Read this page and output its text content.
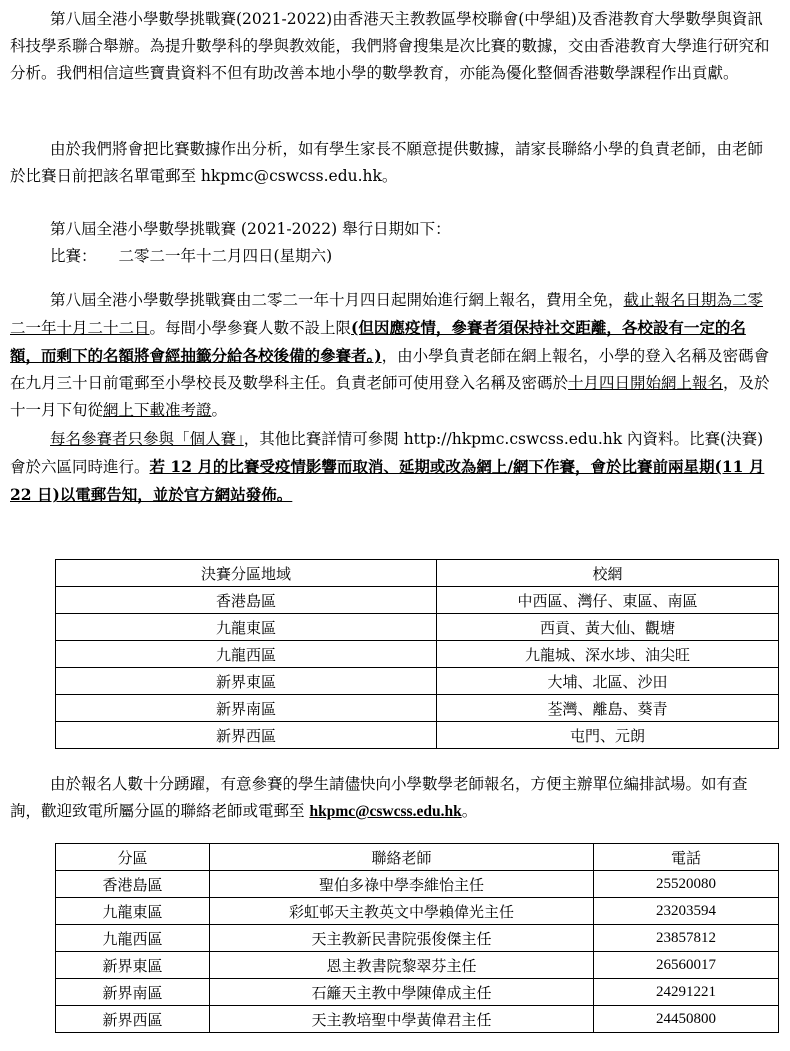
第八屆全港小學數學挑戰賽(2021-2022)由香港天主教教區學校聯會(中學組)及香港教育大學數學與資訊科技學系聯合舉辦。為提升數學科的學與教效能，我們將會搜集是次比賽的數據，交由香港教育大學進行研究和分析。我們相信這些寶貴資料不但有助改善本地小學的數學教育，亦能為優化整個香港數學課程作出貢獻。

由於我們將會把比賽數據作出分析，如有學生家長不願意提供數據，請家長聯絡小學的負責老師，由老師於比賽日前把該名單電郵至 hkpmc@cswcss.edu.hk。

第八屆全港小學數學挑戰賽 (2021-2022) 舉行日期如下：
比賽： 二零二一年十二月四日(星期六)

第八屆全港小學數學挑戰賽由二零二一年十月四日起開始進行網上報名，費用全免，截止報名日期為二零二一年十月二十二日。每間小學參賽人數不設上限(但因應疫情，參賽者須保持社交距離，各校設有一定的名額，而剩下的名額將會經抽籤分給各校後備的參賽者。)，由小學負責老師在網上報名，小學的登入名稱及密碼會在九月三十日前電郵至小學校長及數學科主任。負責老師可使用登入名稱及密碼於十月四日開始網上報名，及於十一月下旬從網上下載准考證。

每名參賽者只參與「個人賽」，其他比賽詳情可參閱 http://hkpmc.cswcss.edu.hk 內資料。比賽(決賽)會於六區同時進行。若 12 月的比賽受疫情影響而取消、延期或改為網上/網下作賽，會於比賽前兩星期(11 月 22 日)以電郵告知，並於官方網站發佈。

決賽分區地域	校網
香港島區	中西區、灣仔、東區、南區
九龍東區	西貢、黃大仙、觀塘
九龍西區	九龍城、深水埗、油尖旺
新界東區	大埔、北區、沙田
新界南區	荃灣、離島、葵青
新界西區	屯門、元朗

由於報名人數十分踴躍，有意參賽的學生請儘快向小學數學老師報名，方便主辦單位編排試場。如有查詢，歡迎致電所屬分區的聯絡老師或電郵至 hkpmc@cswcss.edu.hk。

分區	聯絡老師	電話
香港島區	聖伯多祿中學李維怡主任	25520080
九龍東區	彩虹邨天主教英文中學賴偉光主任	23203594
九龍西區	天主教新民書院張俊傑主任	23857812
新界東區	恩主教書院黎翠芬主任	26560017
新界南區	石籬天主教中學陳偉成主任	24291221
新界西區	天主教培聖中學黃偉君主任	24450800
